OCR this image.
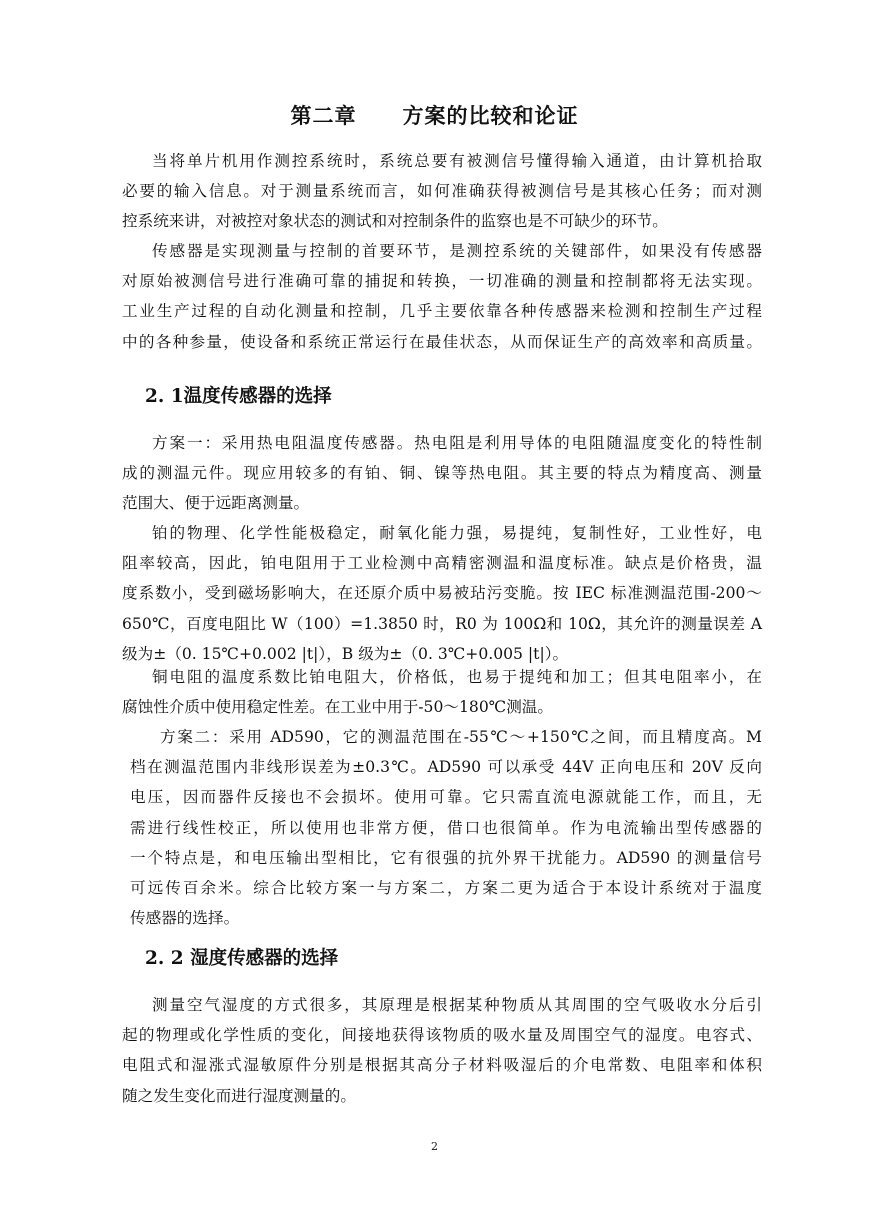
第二章 方案的比较和论证
当将单片机用作测控系统时，系统总要有被测信号懂得输入通道，由计算机拾取
必要的输入信息。对于测量系统而言，如何准确获得被测信号是其核心任务；而对测
控系统来讲，对被控对象状态的测试和对控制条件的监察也是不可缺少的环节。
传感器是实现测量与控制的首要环节，是测控系统的关键部件，如果没有传感器
对原始被测信号进行准确可靠的捕捉和转换，一切准确的测量和控制都将无法实现。
工业生产过程的自动化测量和控制，几乎主要依靠各种传感器来检测和控制生产过程
中的各种参量，使设备和系统正常运行在最佳状态，从而保证生产的高效率和高质量。
2. 1温度传感器的选择
方案一：采用热电阻温度传感器。热电阻是利用导体的电阻随温度变化的特性制
成的测温元件。现应用较多的有铂、铜、镍等热电阻。其主要的特点为精度高、测量
范围大、便于远距离测量。
铂的物理、化学性能极稳定，耐氧化能力强，易提纯，复制性好，工业性好，电
阻率较高，因此，铂电阻用于工业检测中高精密测温和温度标准。缺点是价格贵，温
度系数小，受到磁场影响大，在还原介质中易被玷污变脆。按 IEC 标准测温范围-200～
650℃，百度电阻比 W（100）=1.3850 时，R0 为 100Ω和 10Ω，其允许的测量误差 A
级为±（0. 15℃+0.002 |t|），B 级为±（0. 3℃+0.005 |t|）。
铜电阻的温度系数比铂电阻大，价格低，也易于提纯和加工；但其电阻率小，在
腐蚀性介质中使用稳定性差。在工业中用于-50～180℃测温。
方案二：采用 AD590，它的测温范围在-55℃～+150℃之间，而且精度高。M
档在测温范围内非线形误差为±0.3℃。AD590 可以承受 44V 正向电压和 20V 反向
电压，因而器件反接也不会损坏。使用可靠。它只需直流电源就能工作，而且，无
需进行线性校正，所以使用也非常方便，借口也很简单。作为电流输出型传感器的
一个特点是，和电压输出型相比，它有很强的抗外界干扰能力。AD590 的测量信号
可远传百余米。综合比较方案一与方案二，方案二更为适合于本设计系统对于温度
传感器的选择。
2. 2 湿度传感器的选择
测量空气湿度的方式很多，其原理是根据某种物质从其周围的空气吸收水分后引
起的物理或化学性质的变化，间接地获得该物质的吸水量及周围空气的湿度。电容式、
电阻式和湿涨式湿敏原件分别是根据其高分子材料吸湿后的介电常数、电阻率和体积
随之发生变化而进行湿度测量的。
2
